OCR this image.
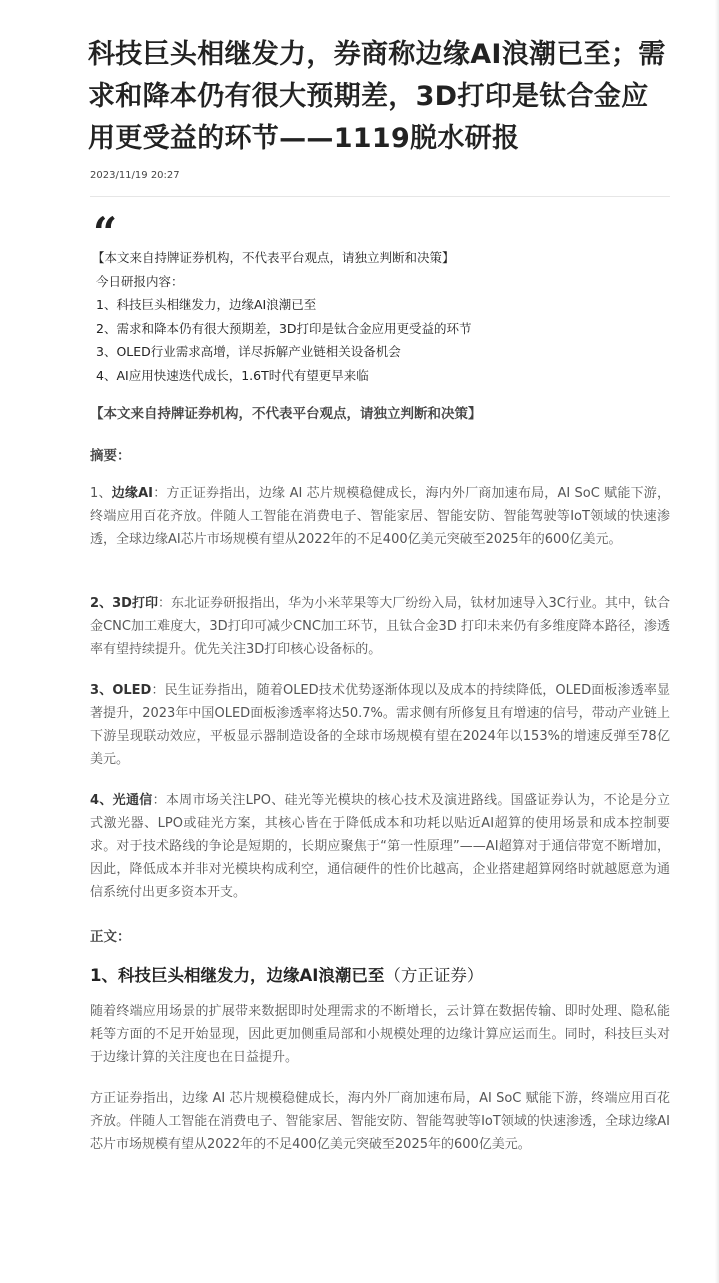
科技巨头相继发力，券商称边缘AI浪潮已至；需求和降本仍有很大预期差，3D打印是钛合金应用更受益的环节——1119脱水研报
2023/11/19 20:27
“
【本文来自持牌证券机构，不代表平台观点，请独立判断和决策】
今日研报内容：
1、科技巨头相继发力，边缘AI浪潮已至
2、需求和降本仍有很大预期差，3D打印是钛合金应用更受益的环节
3、OLED行业需求高增，详尽拆解产业链相关设备机会
4、AI应用快速迭代成长，1.6T时代有望更早来临
【本文来自持牌证券机构，不代表平台观点，请独立判断和决策】
摘要：

1、边缘AI：方正证券指出，边缘 AI 芯片规模稳健成长，海内外厂商加速布局，AI SoC 赋能下游，终端应用百花齐放。伴随人工智能在消费电子、智能家居、智能安防、智能驾驶等IoT领域的快速渗透，全球边缘AI芯片市场规模有望从2022年的不足400亿美元突破至2025年的600亿美元。

2、3D打印：东北证券研报指出，华为小米苹果等大厂纷纷入局，钛材加速导入3C行业。其中，钛合金CNC加工难度大，3D打印可减少CNC加工环节，且钛合金3D 打印未来仍有多维度降本路径，渗透率有望持续提升。优先关注3D打印核心设备标的。

3、OLED：民生证券指出，随着OLED技术优势逐渐体现以及成本的持续降低，OLED面板渗透率显著提升，2023年中国OLED面板渗透率将达50.7%。需求侧有所修复且有增速的信号，带动产业链上下游呈现联动效应，平板显示器制造设备的全球市场规模有望在2024年以153%的增速反弹至78亿美元。

4、光通信：本周市场关注LPO、硅光等光模块的核心技术及演进路线。国盛证券认为，不论是分立式激光器、LPO或硅光方案，其核心皆在于降低成本和功耗以贴近AI超算的使用场景和成本控制要求。对于技术路线的争论是短期的，长期应聚焦于“第一性原理”——AI超算对于通信带宽不断增加，因此，降低成本并非对光模块构成利空，通信硬件的性价比越高，企业搭建超算网络时就越愿意为通信系统付出更多资本开支。

正文：
1、科技巨头相继发力，边缘AI浪潮已至（方正证券）

随着终端应用场景的扩展带来数据即时处理需求的不断增长，云计算在数据传输、即时处理、隐私能耗等方面的不足开始显现，因此更加侧重局部和小规模处理的边缘计算应运而生。同时，科技巨头对于边缘计算的关注度也在日益提升。

方正证券指出，边缘 AI 芯片规模稳健成长，海内外厂商加速布局，AI SoC 赋能下游，终端应用百花齐放。伴随人工智能在消费电子、智能家居、智能安防、智能驾驶等IoT领域的快速渗透，全球边缘AI芯片市场规模有望从2022年的不足400亿美元突破至2025年的600亿美元。
